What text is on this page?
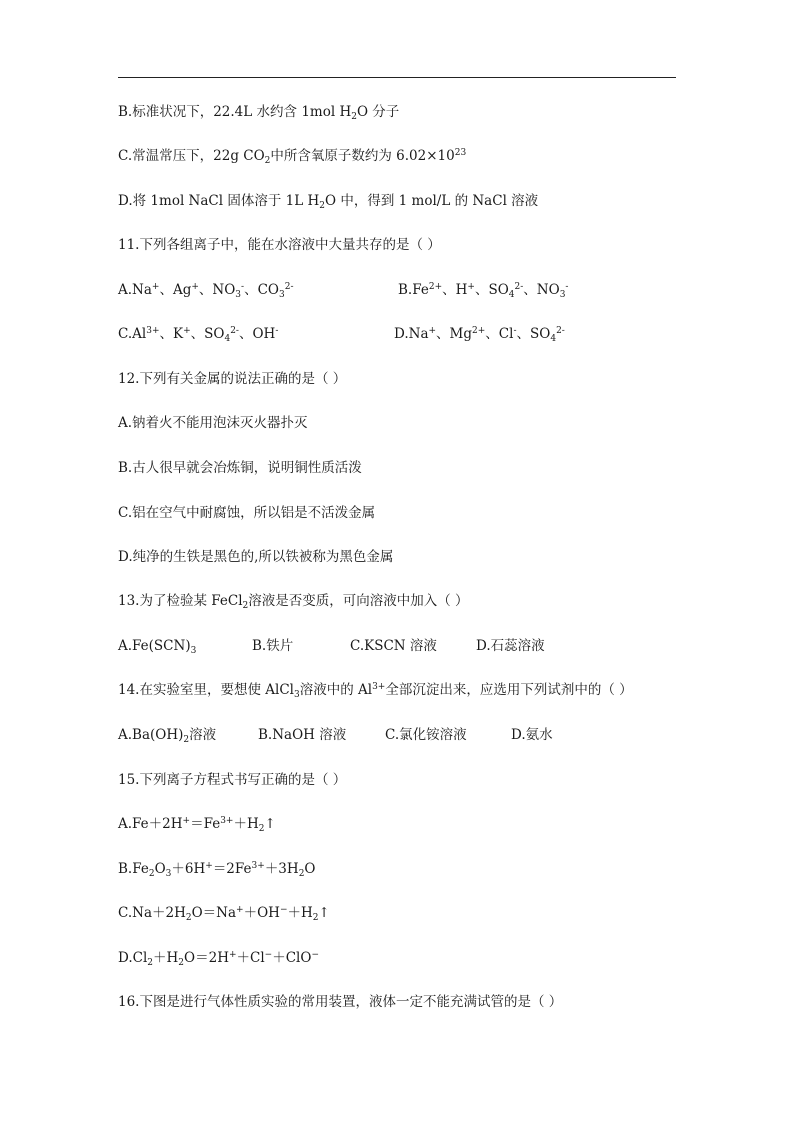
B.标准状况下，22.4L 水约含 1mol $H_2O$ 分子
C.常温常压下，22g $CO_2$中所含氧原子数约为 $6.02\times 10^{23}$
D.将 1mol NaCl 固体溶于 1L $H_2O$ 中，得到 1 mol/L 的 NaCl 溶液
11.下列各组离子中，能在水溶液中大量共存的是（ ）
A.Na+、Ag+、$NO_3^-$、$CO_3^{2-}$	$B.Fe^{2+}$、H+、$SO_4^{2-}$、$NO_3^-$
$C.Al^{3+}$、K+、$SO_4^{2-}$、OH-	D.Na+、$Mg^{2+}$、Cl-、$SO_4^{2-}$
12.下列有关金属的说法正确的是（ ）
A.钠着火不能用泡沫灭火器扑灭
B.古人很早就会冶炼铜，说明铜性质活泼
C.铝在空气中耐腐蚀，所以铝是不活泼金属
D.纯净的生铁是黑色的,所以铁被称为黑色金属
13.为了检验某 FeCl$_2$溶液是否变质，可向溶液中加入（ ）
$A.Fe(SCN)_3$	B.铁片	C.KSCN 溶液	D.石蕊溶液
14.在实验室里，要想使 AlCl$_3$溶液中的 $Al^{3+}$全部沉淀出来，应选用下列试剂中的（ ）
$A.Ba(OH)_2$溶液	B.NaOH 溶液	C.氯化铵溶液	D.氨水
15.下列离子方程式书写正确的是（ ）
$A.Fe+2H^+=Fe^{3+}+H_2↑$
$B.Fe_2O_3+6H^+=2Fe^{3+}+3H_2O$
$C.Na+2H_2O=Na^++OH^-+H_2↑$
$D.Cl_2+H_2O=2H^++Cl^-+ClO^-$
16.下图是进行气体性质实验的常用装置，液体一定不能充满试管的是（ ）
